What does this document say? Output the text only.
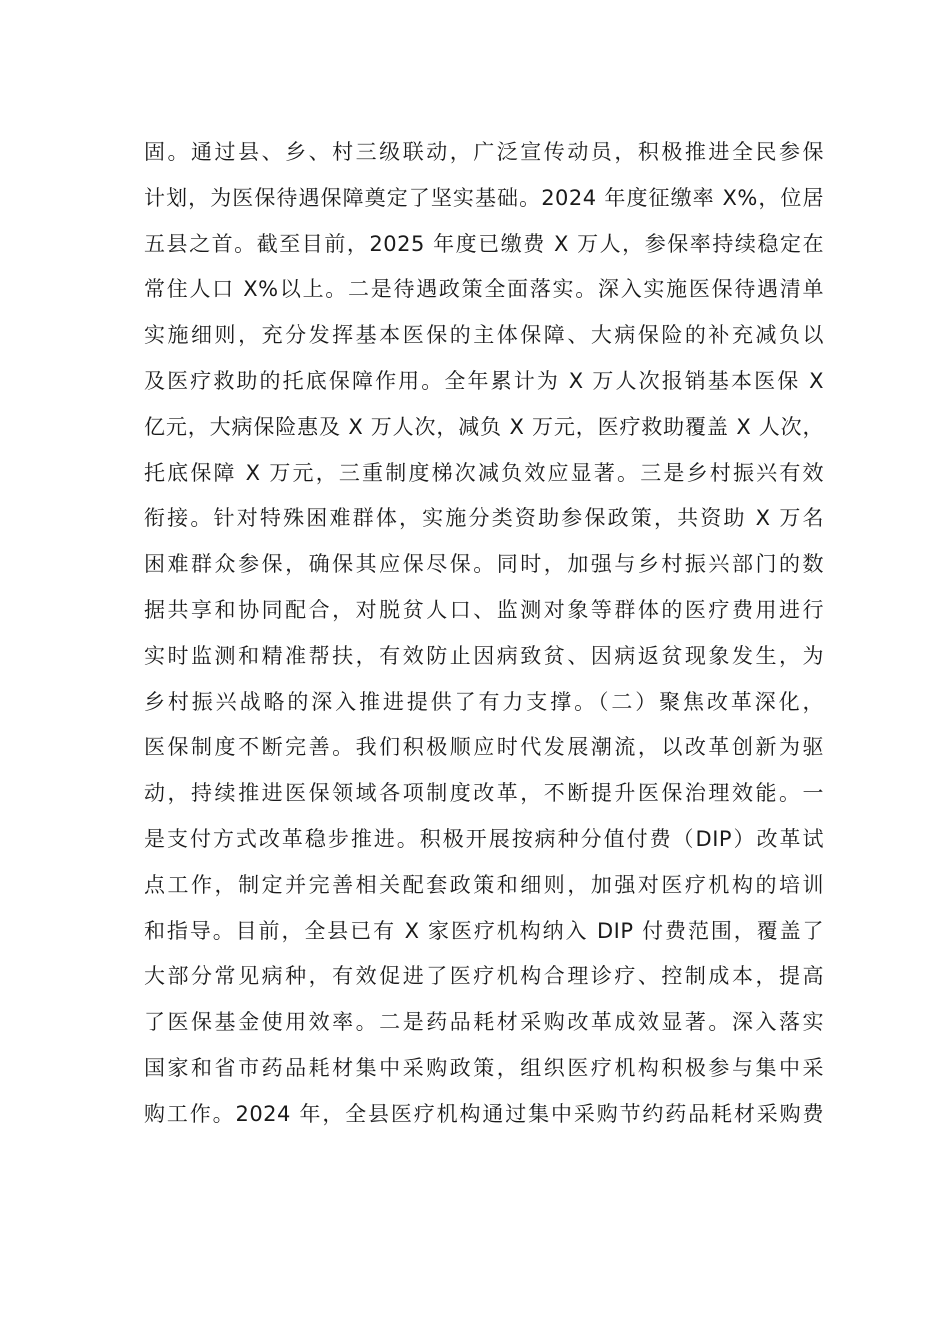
固。通过县、乡、村三级联动，广泛宣传动员，积极推进全民参保
计划，为医保待遇保障奠定了坚实基础。2024 年度征缴率 X%，位居
五县之首。截至目前，2025 年度已缴费 X 万人，参保率持续稳定在
常住人口 X%以上。二是待遇政策全面落实。深入实施医保待遇清单
实施细则，充分发挥基本医保的主体保障、大病保险的补充减负以
及医疗救助的托底保障作用。全年累计为 X 万人次报销基本医保 X
亿元，大病保险惠及 X 万人次，减负 X 万元，医疗救助覆盖 X 人次，
托底保障 X 万元，三重制度梯次减负效应显著。三是乡村振兴有效
衔接。针对特殊困难群体，实施分类资助参保政策，共资助 X 万名
困难群众参保，确保其应保尽保。同时，加强与乡村振兴部门的数
据共享和协同配合，对脱贫人口、监测对象等群体的医疗费用进行
实时监测和精准帮扶，有效防止因病致贫、因病返贫现象发生，为
乡村振兴战略的深入推进提供了有力支撑。（二）聚焦改革深化，
医保制度不断完善。我们积极顺应时代发展潮流，以改革创新为驱
动，持续推进医保领域各项制度改革，不断提升医保治理效能。一
是支付方式改革稳步推进。积极开展按病种分值付费（DIP）改革试
点工作，制定并完善相关配套政策和细则，加强对医疗机构的培训
和指导。目前，全县已有 X 家医疗机构纳入 DIP 付费范围，覆盖了
大部分常见病种，有效促进了医疗机构合理诊疗、控制成本，提高
了医保基金使用效率。二是药品耗材采购改革成效显著。深入落实
国家和省市药品耗材集中采购政策，组织医疗机构积极参与集中采
购工作。2024 年，全县医疗机构通过集中采购节约药品耗材采购费
